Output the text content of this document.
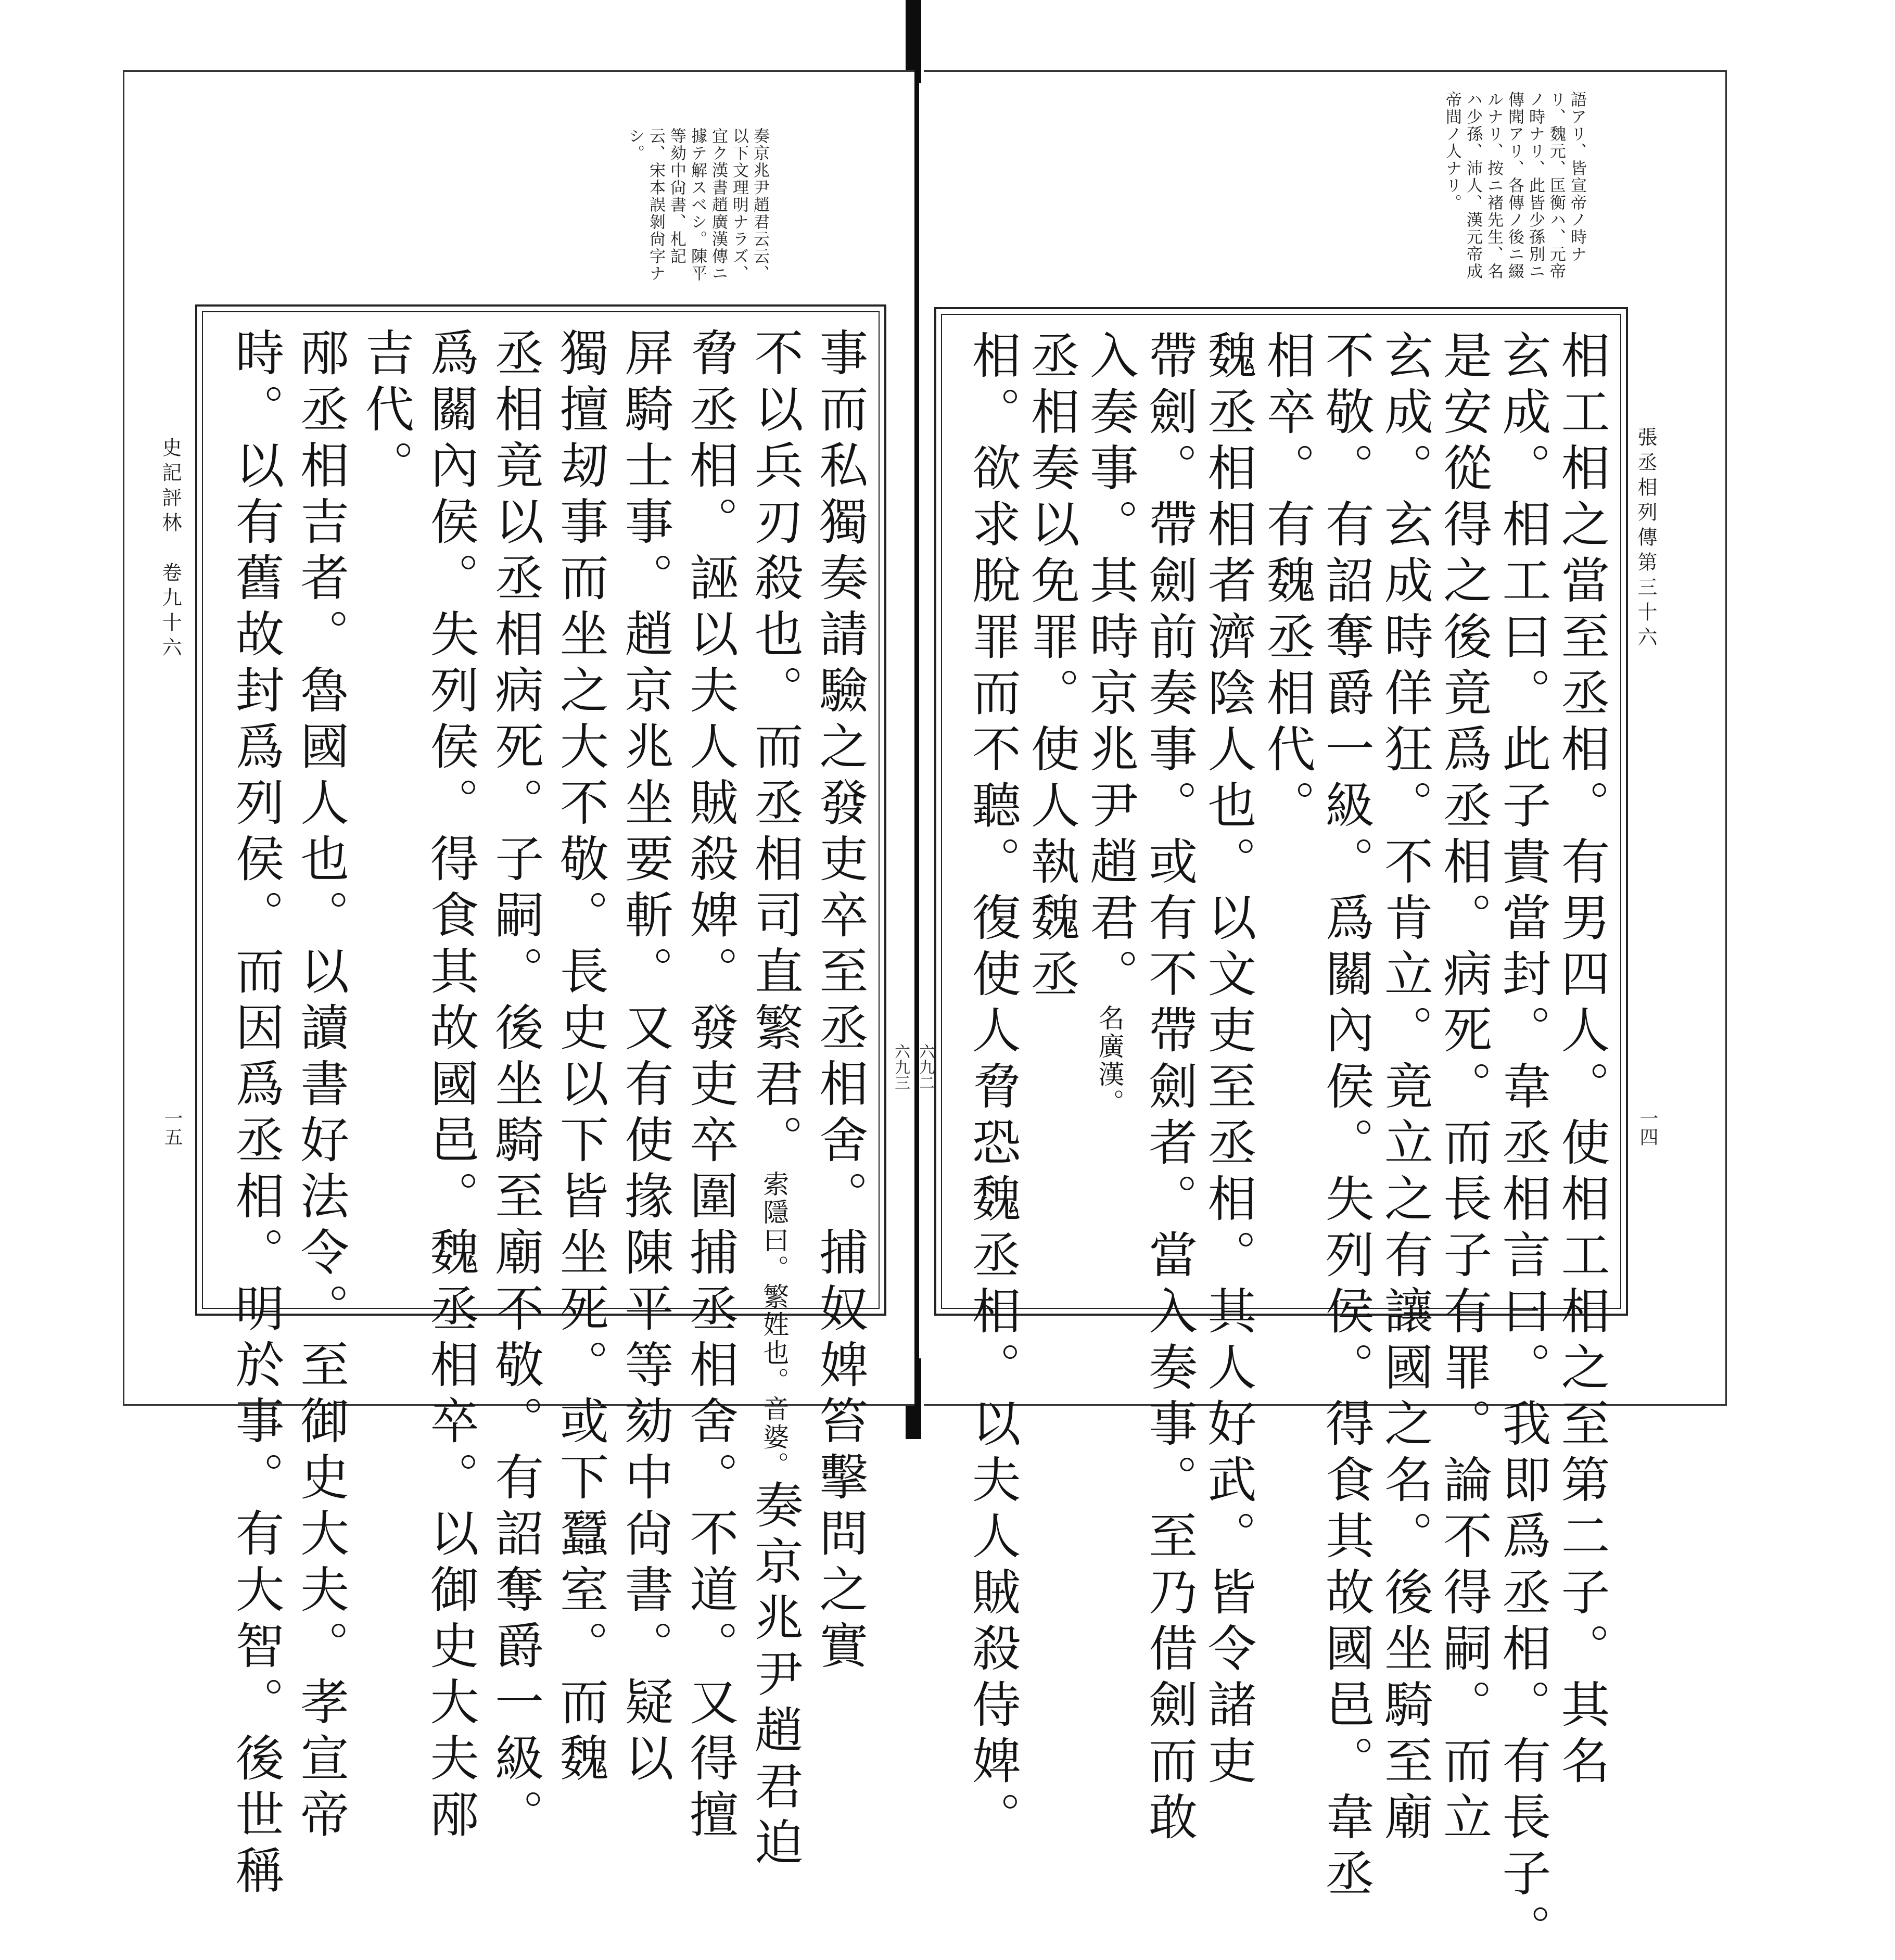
張丞相列傳第三十六
一四
六九二
語アリ、皆宣帝ノ時ナリ、魏元、匡衡ハ、元帝ノ時ナリ、此皆少孫別ニ傳聞アリ、各傳ノ後ニ綴ルナリ、按ニ褚先生、名ハ少孫、沛人、漢元帝成帝間ノ人ナリ。
相工相之當至丞相。有男四人。使相工相之至第二子。其名
玄成。相工曰。此子貴當封。韋丞相言曰。我即爲丞相。有長子。
是安從得之後竟爲丞相。病死。而長子有罪。論不得嗣。而立
玄成。玄成時佯狂。不肯立。竟立之有讓國之名。後坐騎至廟
不敬。有詔奪爵一級。爲關內侯。失列侯。得食其故國邑。韋丞
相卒。有魏丞相代。
魏丞相相者濟陰人也。以文吏至丞相。其人好武。皆令諸吏
帶劍。帶劍前奏事。或有不帶劍者。當入奏事。至乃借劍而敢
入奏事。其時京兆尹趙君。名廣漢。
丞相奏以免罪。使人執魏丞
相。欲求脫罪而不聽。復使人脅恐魏丞相。以夫人賊殺侍婢。
史記評林　卷九十六
一五
六九三
奏京兆尹趙君云云、以下文理明ナラズ、宜ク漢書趙廣漢傳ニ據テ解スベシ。陳平等劾中尙書、札記云、宋本誤剝尙字ナシ。
事而私獨奏請驗之發吏卒至丞相舍。捕奴婢笞擊問之實
不以兵刃殺也。而丞相司直繁君。索隱曰。繁姓也。音婆。奏京兆尹趙君迫
脅丞相。誣以夫人賊殺婢。發吏卒圍捕丞相舍。不道。又得擅
屏騎士事。趙京兆坐要斬。又有使掾陳平等劾中尙書。疑以
獨擅刼事而坐之大不敬。長史以下皆坐死。或下蠶室。而魏
丞相竟以丞相病死。子嗣。後坐騎至廟不敬。有詔奪爵一級。
爲關內侯。失列侯。得食其故國邑。魏丞相卒。以御史大夫邴
吉代。
邴丞相吉者。魯國人也。以讀書好法令。至御史大夫。孝宣帝
時。以有舊故封爲列侯。而因爲丞相。明於事。有大智。後世稱
